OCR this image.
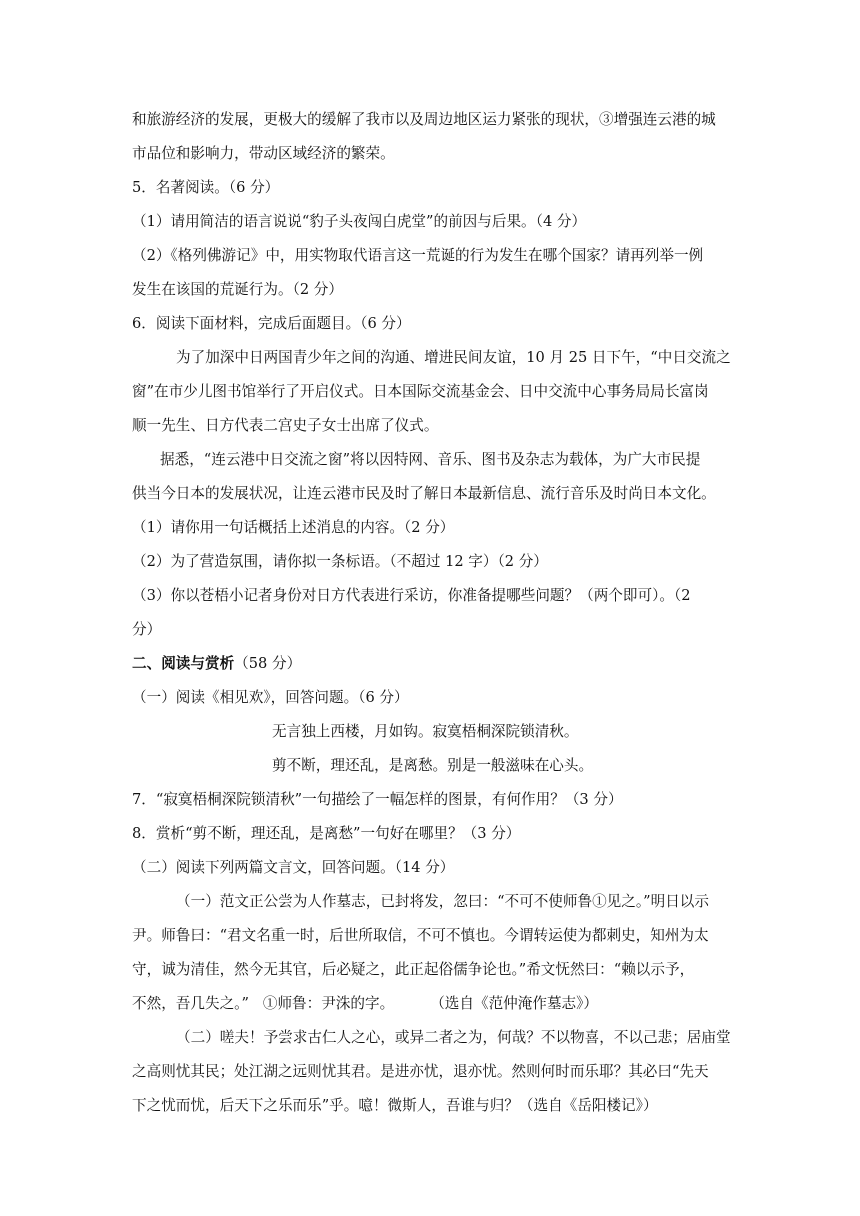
和旅游经济的发展，更极大的缓解了我市以及周边地区运力紧张的现状，③增强连云港的城
市品位和影响力，带动区域经济的繁荣。
5．名著阅读。（6 分）
（1）请用简洁的语言说说“豹子头夜闯白虎堂”的前因与后果。（4 分）
（2）《格列佛游记》中，用实物取代语言这一荒诞的行为发生在哪个国家？请再列举一例
发生在该国的荒诞行为。（2 分）
6．阅读下面材料，完成后面题目。（6 分）
为了加深中日两国青少年之间的沟通、增进民间友谊，10 月 25 日下午，“中日交流之
窗”在市少儿图书馆举行了开启仪式。日本国际交流基金会、日中交流中心事务局局长富岗
顺一先生、日方代表二宫史子女士出席了仪式。
据悉，“连云港中日交流之窗”将以因特网、音乐、图书及杂志为载体，为广大市民提
供当今日本的发展状况，让连云港市民及时了解日本最新信息、流行音乐及时尚日本文化。
（1）请你用一句话概括上述消息的内容。（2 分）
（2）为了营造氛围，请你拟一条标语。（不超过 12 字）（2 分）
（3）你以苍梧小记者身份对日方代表进行采访，你准备提哪些问题？（两个即可）。（2
分）
二、阅读与赏析（58 分）
（一）阅读《相见欢》，回答问题。（6 分）
无言独上西楼，月如钩。寂寞梧桐深院锁清秋。
剪不断，理还乱，是离愁。别是一般滋味在心头。
7．“寂寞梧桐深院锁清秋”一句描绘了一幅怎样的图景，有何作用？（3 分）
8．赏析“剪不断，理还乱，是离愁”一句好在哪里？（3 分）
（二）阅读下列两篇文言文，回答问题。（14 分）
（一）范文正公尝为人作墓志，已封将发，忽曰：“不可不使师鲁①见之。”明日以示
尹。师鲁曰：“君文名重一时，后世所取信，不可不慎也。今谓转运使为都刺史，知州为太
守，诚为清佳，然今无其官，后必疑之，此正起俗儒争论也。”希文怃然曰：“赖以示予，
不然，吾几失之。” ①师鲁：尹洙的字。 （选自《范仲淹作墓志》）
（二）嗟夫！予尝求古仁人之心，或异二者之为，何哉？不以物喜，不以己悲；居庙堂
之高则忧其民；处江湖之远则忧其君。是进亦忧，退亦忧。然则何时而乐耶？其必曰“先天
下之忧而忧，后天下之乐而乐”乎。噫！微斯人，吾谁与归？（选自《岳阳楼记》）
